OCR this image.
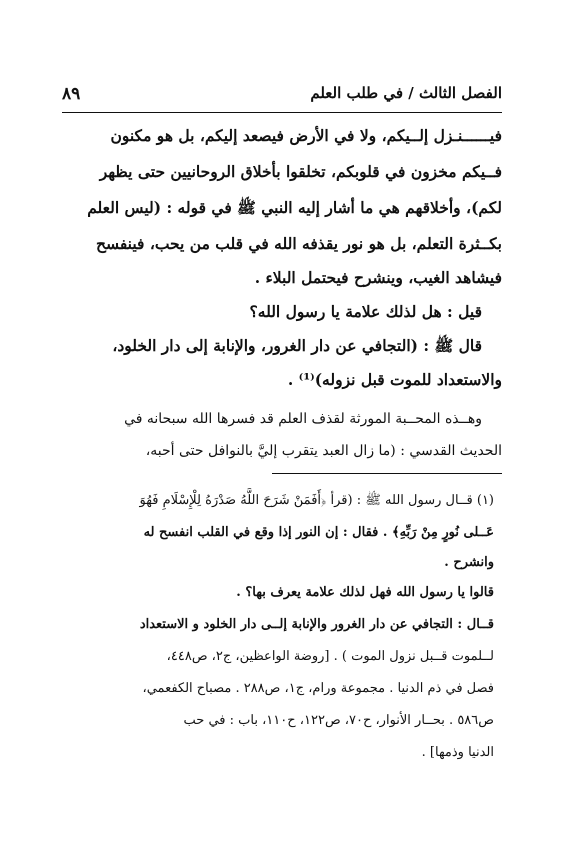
الفصل الثالث / في طلب العلم
٨٩
فيــــــنـزل إلــيكم، ولا في الأرض فيصعد إليكم، بل هو مكنون
فــيكم مخزون في قلوبكم، تخلقوا بأخلاق الروحانيين حتى يظهر
لكم)، وأخلاقهم هي ما أشار إليه النبي ﷺ في قوله : (ليس العلم
بكــثرة التعلم، بل هو نور يقذفه الله في قلب من يحب، فينفسح
فيشاهد الغيب، وينشرح فيحتمل البلاء .
قيل : هل لذلك علامة يا رسول الله؟
قال ﷺ : (التجافي عن دار الغرور، والإنابة إلى دار الخلود،
والاستعداد للموت قبل نزوله)⁽¹⁾ .
وهــذه المحــبة المورثة لقذف العلم قد فسرها الله سبحانه في
الحديث القدسي : (ما زال العبد يتقرب إليَّ بالنوافل حتى أحبه،
(١) قــال رسول الله ﷺ : (قرأ ﴿أَفَمَنْ شَرَحَ اللَّهُ صَدْرَهُ لِلْإِسْلَامِ فَهُوَ
عَــلى نُورٍ مِنْ رَبِّهِ﴾ . فقال : إن النور إذا وقع في القلب انفسح له
وانشرح .
قالوا يا رسول الله فهل لذلك علامة يعرف بها؟ .
قــال : التجافي عن دار الغرور والإنابة إلــى دار الخلود و الاستعداد
لــلموت قــبل نزول الموت ) . [روضة الواعظين، ج٢، ص٤٤٨،
فصل في ذم الدنيا . مجموعة ورام، ج١، ص٢٨٨ . مصباح الكفعمي،
ص٥٨٦ . بحــار الأنوار، ح٧٠، ص١٢٢، ح١١٠، باب : في حب
الدنيا وذمها] .
